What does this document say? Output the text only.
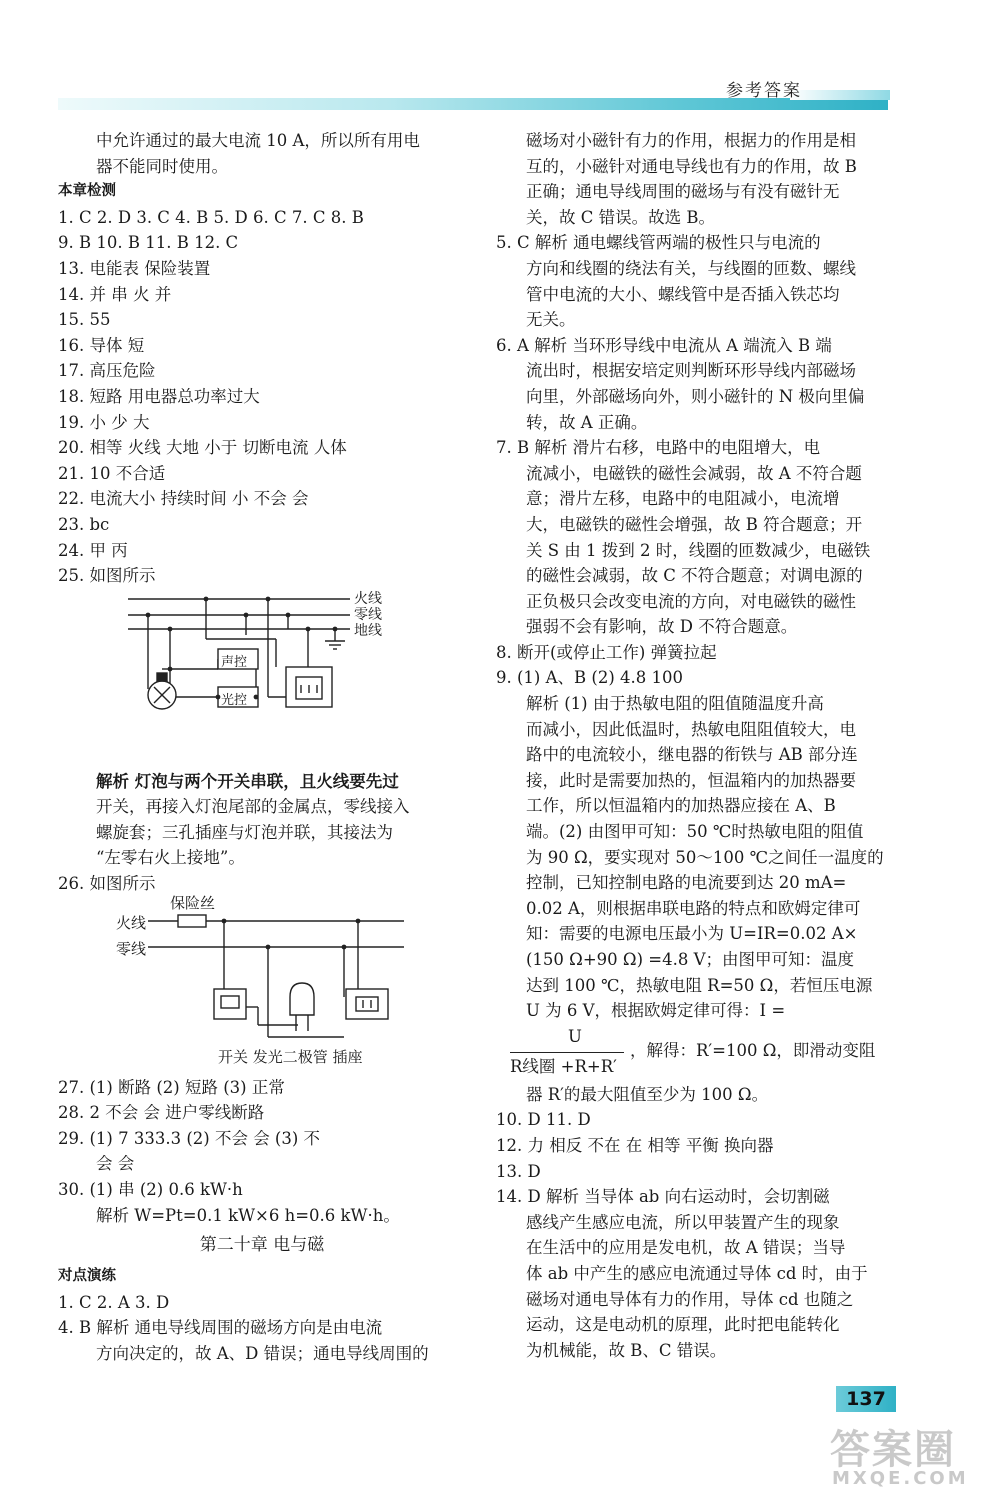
参考答案
中允许通过的最大电流 10 A，所以所有用电
器不能同时使用。
本章检测
1. C 2. D 3. C 4. B 5. D 6. C 7. C 8. B
9. B 10. B 11. B 12. C
13. 电能表 保险装置
14. 并 串 火 并
15. 55
16. 导体 短
17. 高压危险
18. 短路 用电器总功率过大
19. 小 少 大
20. 相等 火线 大地 小于 切断电流 人体
21. 10 不合适
22. 电流大小 持续时间 小 不会 会
23. bc
24. 甲 丙
25. 如图所示
火线
零线
地线
声控
光控
解析 灯泡与两个开关串联，且火线要先过
开关，再接入灯泡尾部的金属点，零线接入
螺旋套；三孔插座与灯泡并联，其接法为
“左零右火上接地”。
26. 如图所示
火线
零线
保险丝
开关 发光二极管 插座
27. (1) 断路 (2) 短路 (3) 正常
28. 2 不会 会 进户零线断路
29. (1) 7 333.3 (2) 不会 会 (3) 不
会 会
30. (1) 串 (2) 0.6 kW·h
解析 W=Pt=0.1 kW×6 h=0.6 kW·h。
第二十章 电与磁
对点演练
1. C 2. A 3. D
4. B 解析 通电导线周围的磁场方向是由电流
方向决定的，故 A、D 错误；通电导线周围的
磁场对小磁针有力的作用，根据力的作用是相
互的，小磁针对通电导线也有力的作用，故 B
正确；通电导线周围的磁场与有没有磁针无
关，故 C 错误。故选 B。
5. C 解析 通电螺线管两端的极性只与电流的
方向和线圈的绕法有关，与线圈的匝数、螺线
管中电流的大小、螺线管中是否插入铁芯均
无关。
6. A 解析 当环形导线中电流从 A 端流入 B 端
流出时，根据安培定则判断环形导线内部磁场
向里，外部磁场向外，则小磁针的 N 极向里偏
转，故 A 正确。
7. B 解析 滑片右移，电路中的电阻增大，电
流减小，电磁铁的磁性会减弱，故 A 不符合题
意；滑片左移，电路中的电阻减小，电流增
大，电磁铁的磁性会增强，故 B 符合题意；开
关 S 由 1 拨到 2 时，线圈的匝数减少，电磁铁
的磁性会减弱，故 C 不符合题意；对调电源的
正负极只会改变电流的方向，对电磁铁的磁性
强弱不会有影响，故 D 不符合题意。
8. 断开(或停止工作) 弹簧拉起
9. (1) A、B (2) 4.8 100
解析 (1) 由于热敏电阻的阻值随温度升高
而减小，因此低温时，热敏电阻阻值较大，电
路中的电流较小，继电器的衔铁与 AB 部分连
接，此时是需要加热的，恒温箱内的加热器要
工作，所以恒温箱内的加热器应接在 A、B
端。(2) 由图甲可知：50 ℃时热敏电阻的阻值
为 90 Ω，要实现对 50～100 ℃之间任一温度的
控制，已知控制电路的电流要到达 20 mA=
0.02 A，则根据串联电路的特点和欧姆定律可
知：需要的电源电压最小为 U=IR=0.02 A×
(150 Ω+90 Ω) =4.8 V；由图甲可知：温度
达到 100 ℃，热敏电阻 R=50 Ω，若恒压电源
U 为 6 V，根据欧姆定律可得：I =
U
R线圈 +R+R′
，解得：R′=100 Ω，即滑动变阻
器 R′的最大阻值至少为 100 Ω。
10. D 11. D
12. 力 相反 不在 在 相等 平衡 换向器
13. D
14. D 解析 当导体 ab 向右运动时，会切割磁
感线产生感应电流，所以甲装置产生的现象
在生活中的应用是发电机，故 A 错误；当导
体 ab 中产生的感应电流通过导体 cd 时，由于
磁场对通电导体有力的作用，导体 cd 也随之
运动，这是电动机的原理，此时把电能转化
为机械能，故 B、C 错误。
137
答案圈
MXQE.COM
